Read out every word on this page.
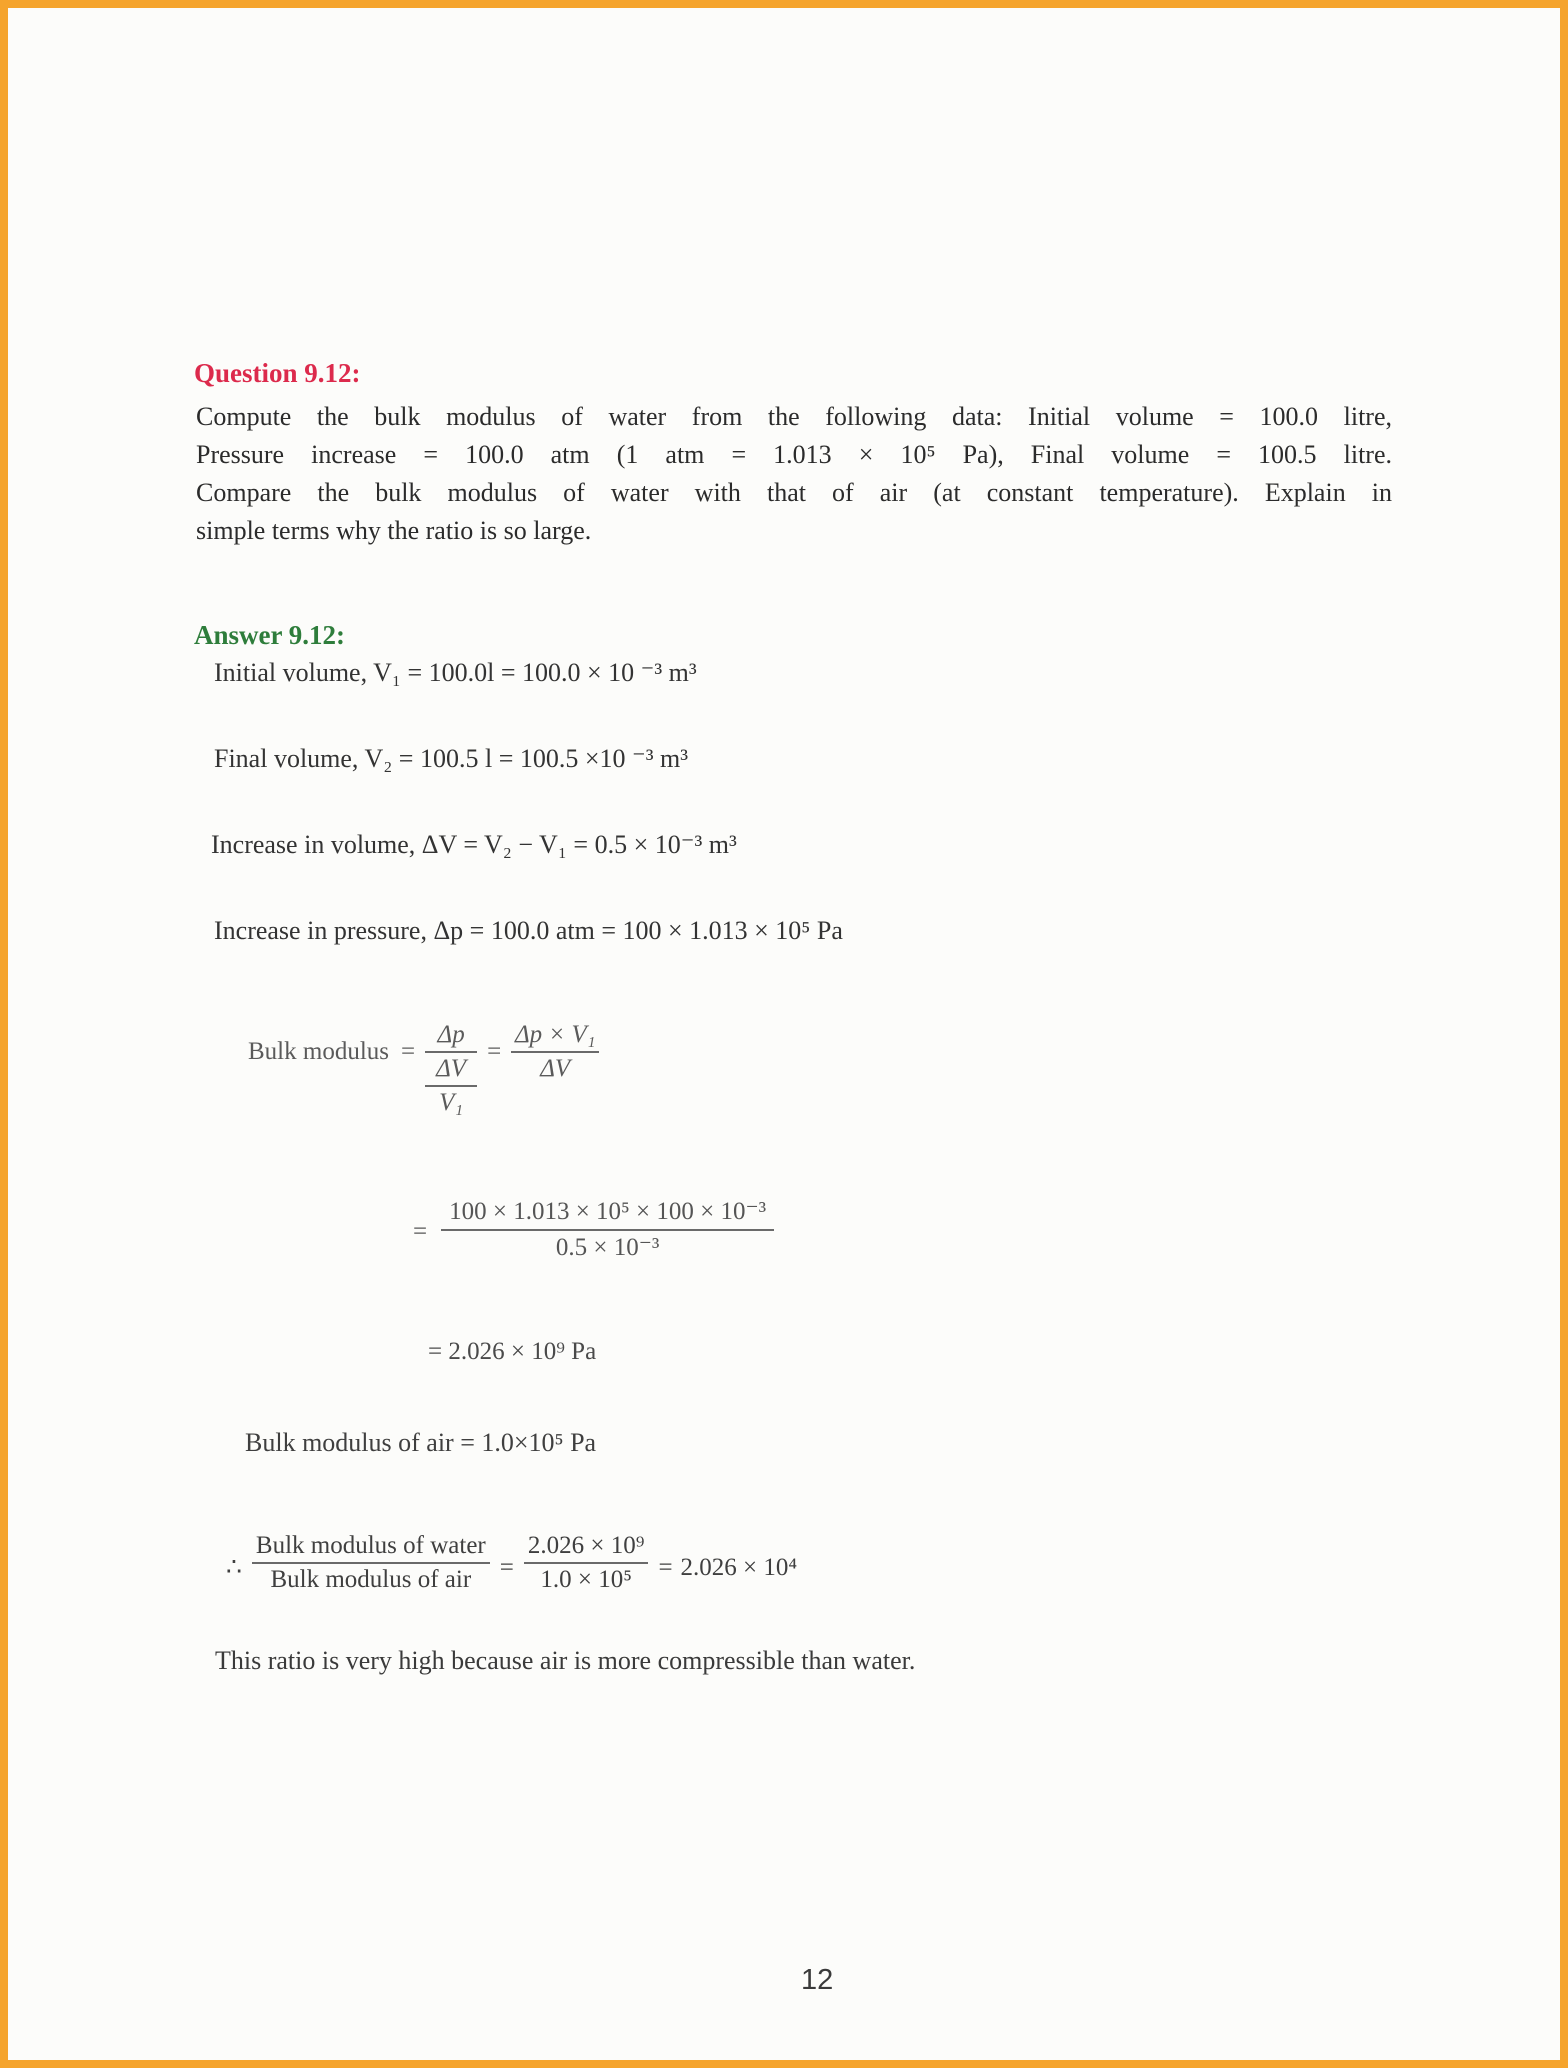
Question 9.12:
Compute the bulk modulus of water from the following data: Initial volume = 100.0 litre,
Pressure increase = 100.0 atm (1 atm = 1.013 × 10⁵ Pa), Final volume = 100.5 litre.
Compare the bulk modulus of water with that of air (at constant temperature). Explain in
simple terms why the ratio is so large.
Answer 9.12:
Initial volume, V₁ = 100.0l = 100.0 × 10 ⁻³ m³
Final volume, V₂ = 100.5 l = 100.5 ×10 ⁻³ m³
Increase in volume, ΔV = V₂ − V₁ = 0.5 × 10⁻³ m³
Increase in pressure, Δp = 100.0 atm = 100 × 1.013 × 10⁵ Pa
Bulk modulus =
Δp
ΔV
V₁
= $\frac{\text{Δp × V₁}}{\Delta V}$
= $\frac{\text{100 × 1.013 × 10⁵ × 100 × 10⁻³}}{\text{0.5 × 10⁻³}}$
= 2.026 × 10⁹ Pa
Bulk modulus of air = 1.0×10⁵ Pa
∴ $\frac{\text{Bulk modulus of water}}{\text{Bulk modulus of air}} = \frac{\text{2.026 × 10⁹}}{\text{1.0 × 10⁵}} = 2.026 \times 10^4$
This ratio is very high because air is more compressible than water.
12
